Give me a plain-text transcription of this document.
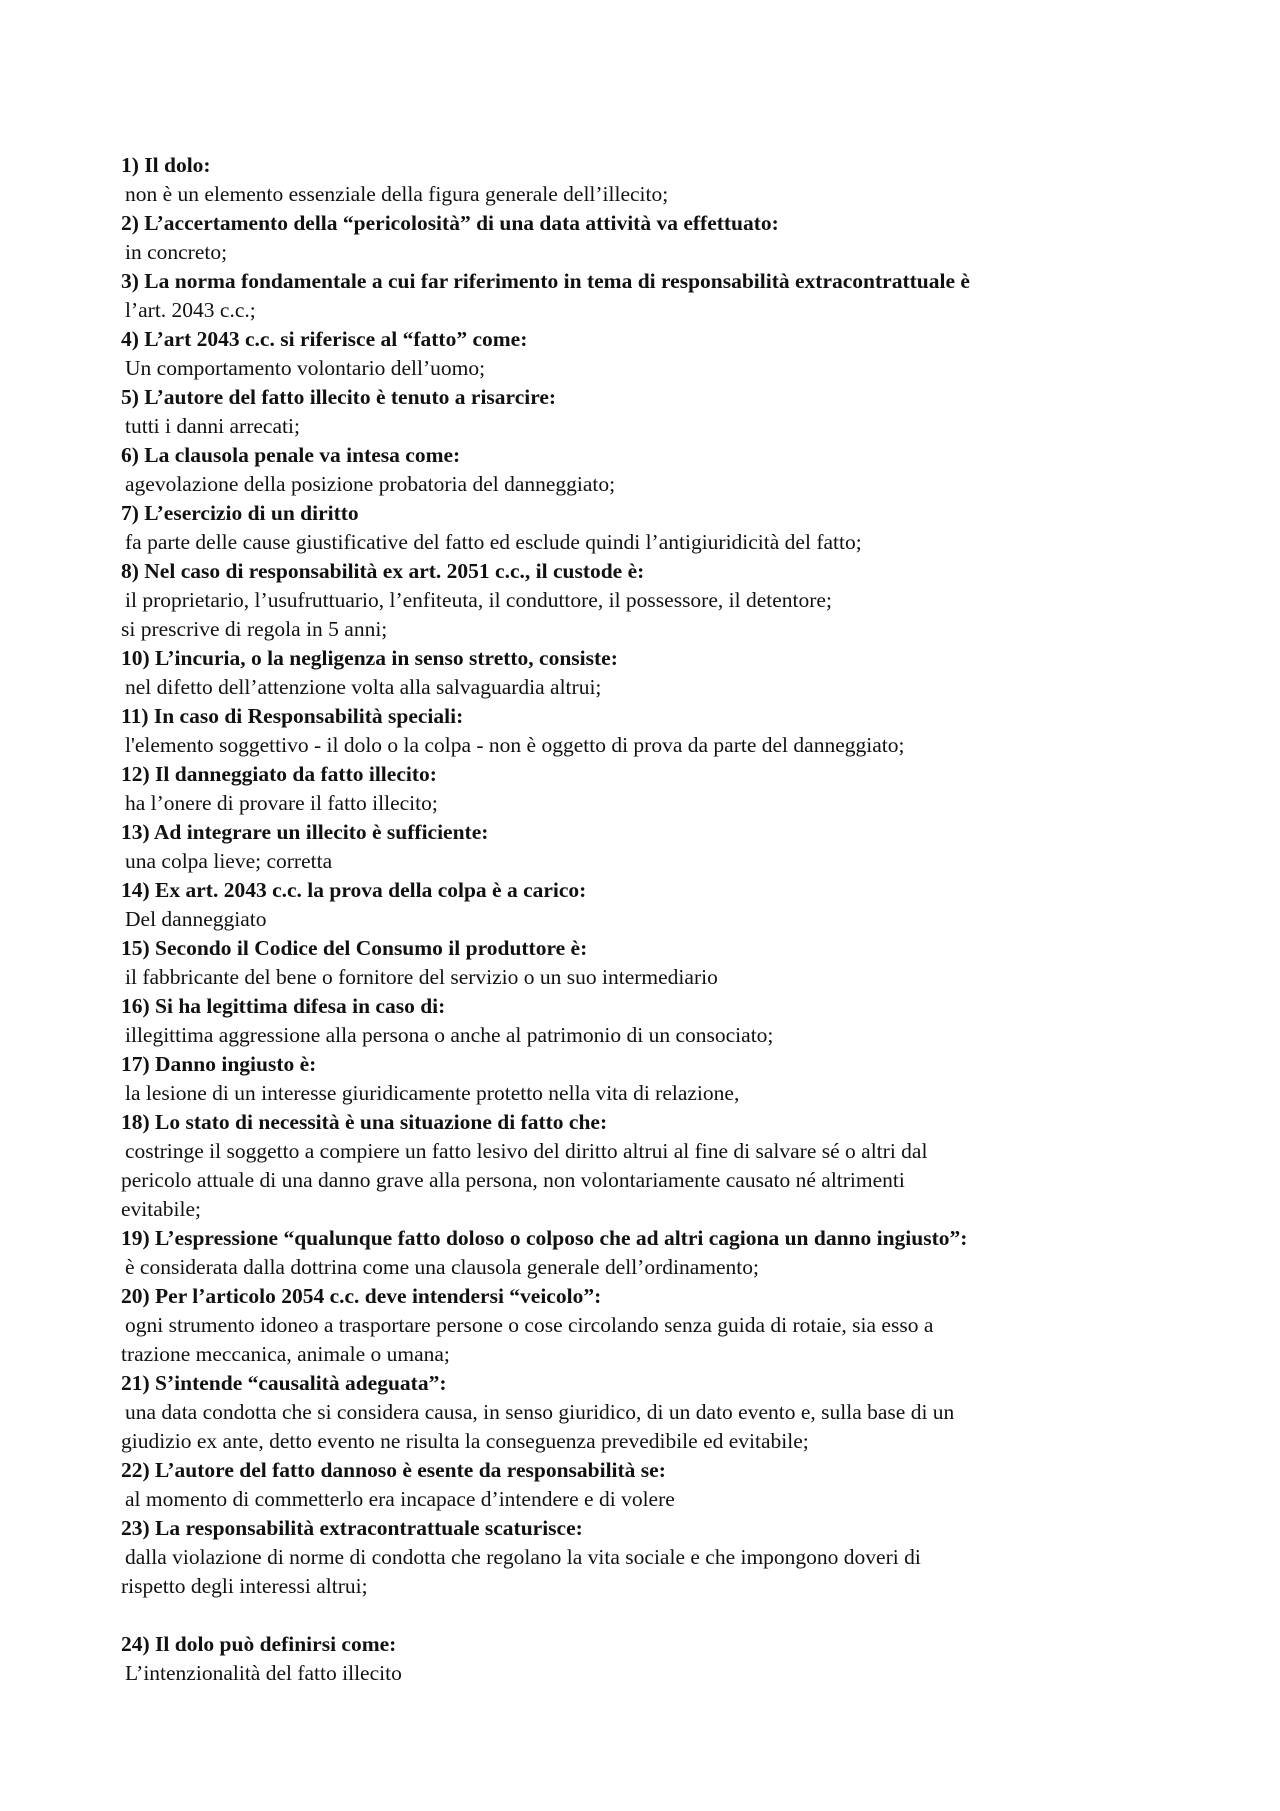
1) Il dolo:

non è un elemento essenziale della figura generale dell’illecito;

2) L’accertamento della “pericolosità” di una data attività va effettuato:

in concreto;

3) La norma fondamentale a cui far riferimento in tema di responsabilità extracontrattuale è

l’art. 2043 c.c.;

4) L’art 2043 c.c. si riferisce al “fatto” come:

Un comportamento volontario dell’uomo;

5) L’autore del fatto illecito è tenuto a risarcire:

tutti i danni arrecati;

6) La clausola penale va intesa come:

agevolazione della posizione probatoria del danneggiato;

7) L’esercizio di un diritto

fa parte delle cause giustificative del fatto ed esclude quindi l’antigiuridicità del fatto;

8) Nel caso di responsabilità ex art. 2051 c.c., il custode è:

il proprietario, l’usufruttuario, l’enfiteuta, il conduttore, il possessore, il detentore;
si prescrive di regola in 5 anni;

10) L’incuria, o la negligenza in senso stretto, consiste:

nel difetto dell’attenzione volta alla salvaguardia altrui;

11) In caso di Responsabilità speciali:

l'elemento soggettivo - il dolo o la colpa - non è oggetto di prova da parte del danneggiato;

12) Il danneggiato da fatto illecito:

ha l’onere di provare il fatto illecito;

13) Ad integrare un illecito è sufficiente:

una colpa lieve; corretta

14) Ex art. 2043 c.c. la prova della colpa è a carico:

Del danneggiato

15) Secondo il Codice del Consumo il produttore è:

il fabbricante del bene o fornitore del servizio o un suo intermediario

16) Si ha legittima difesa in caso di:

illegittima aggressione alla persona o anche al patrimonio di un consociato;

17) Danno ingiusto è:

la lesione di un interesse giuridicamente protetto nella vita di relazione,

18) Lo stato di necessità è una situazione di fatto che:

costringe il soggetto a compiere un fatto lesivo del diritto altrui al fine di salvare sé o altri dal
pericolo attuale di una danno grave alla persona, non volontariamente causato né altrimenti
evitabile;

19) L’espressione “qualunque fatto doloso o colposo che ad altri cagiona un danno ingiusto”:

è considerata dalla dottrina come una clausola generale dell’ordinamento;

20) Per l’articolo 2054 c.c. deve intendersi “veicolo”:

ogni strumento idoneo a trasportare persone o cose circolando senza guida di rotaie, sia esso a
trazione meccanica, animale o umana;

21) S’intende “causalità adeguata”:

una data condotta che si considera causa, in senso giuridico, di un dato evento e, sulla base di un
giudizio ex ante, detto evento ne risulta la conseguenza prevedibile ed evitabile;

22) L’autore del fatto dannoso è esente da responsabilità se:

al momento di commetterlo era incapace d’intendere e di volere

23) La responsabilità extracontrattuale scaturisce:

dalla violazione di norme di condotta che regolano la vita sociale e che impongono doveri di
rispetto degli interessi altrui;

24) Il dolo può definirsi come:

L’intenzionalità del fatto illecito
